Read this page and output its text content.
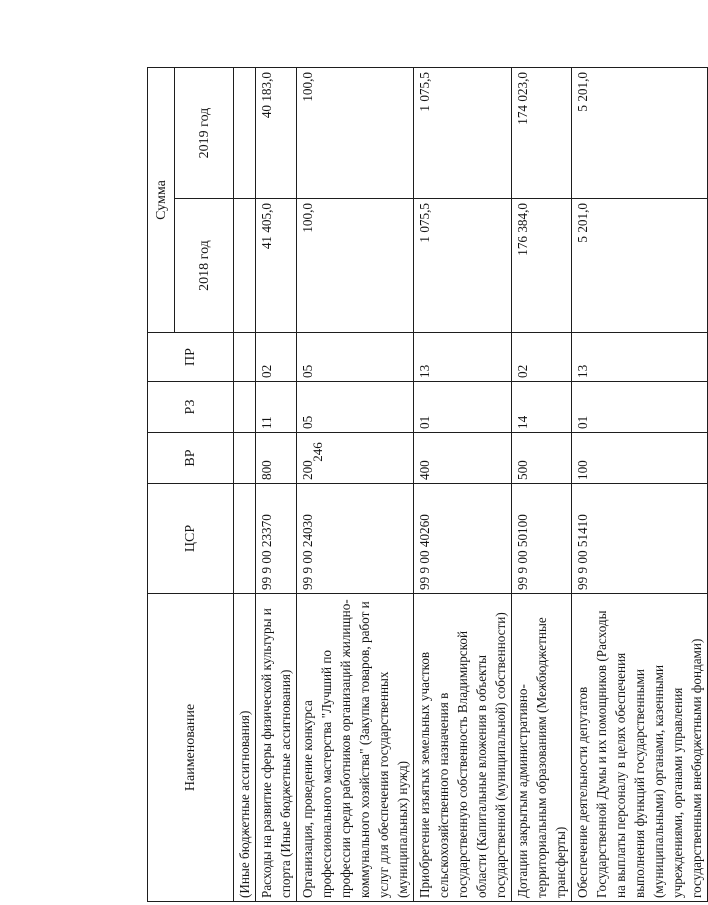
246
Наименование	ЦСР	ВР	РЗ	ПР	Сумма	
					2018 год	2019 год
(Иные бюджетные ассигнования)						
Расходы на развитие сферы физической культуры и спорта (Иные бюджетные ассигнования)	99 9 00 23370	800	11	02	41 405,0	40 183,0
Организация, проведение конкурса профессионального мастерства "Лучший по профессии среди работников организаций жилищно-коммунального хозяйства" (Закупка товаров, работ и услуг для обеспечения государственных (муниципальных) нужд)	99 9 00 24030	200	05	05	100,0	100,0
Приобретение изъятых земельных участков сельскохозяйственного назначения в государственную собственность Владимирской области (Капитальные вложения в объекты государственной (муниципальной) собственности)	99 9 00 40260	400	01	13	1 075,5	1 075,5
Дотации закрытым административно-территориальным образованиям (Межбюджетные трансферты)	99 9 00 50100	500	14	02	176 384,0	174 023,0
Обеспечение деятельности депутатов Государственной Думы и их помощников (Расходы на выплаты персоналу в целях обеспечения выполнения функций государственными (муниципальными) органами, казенными учреждениями, органами управления государственными внебюджетными фондами)	99 9 00 51410	100	01	13	5 201,0	5 201,0
